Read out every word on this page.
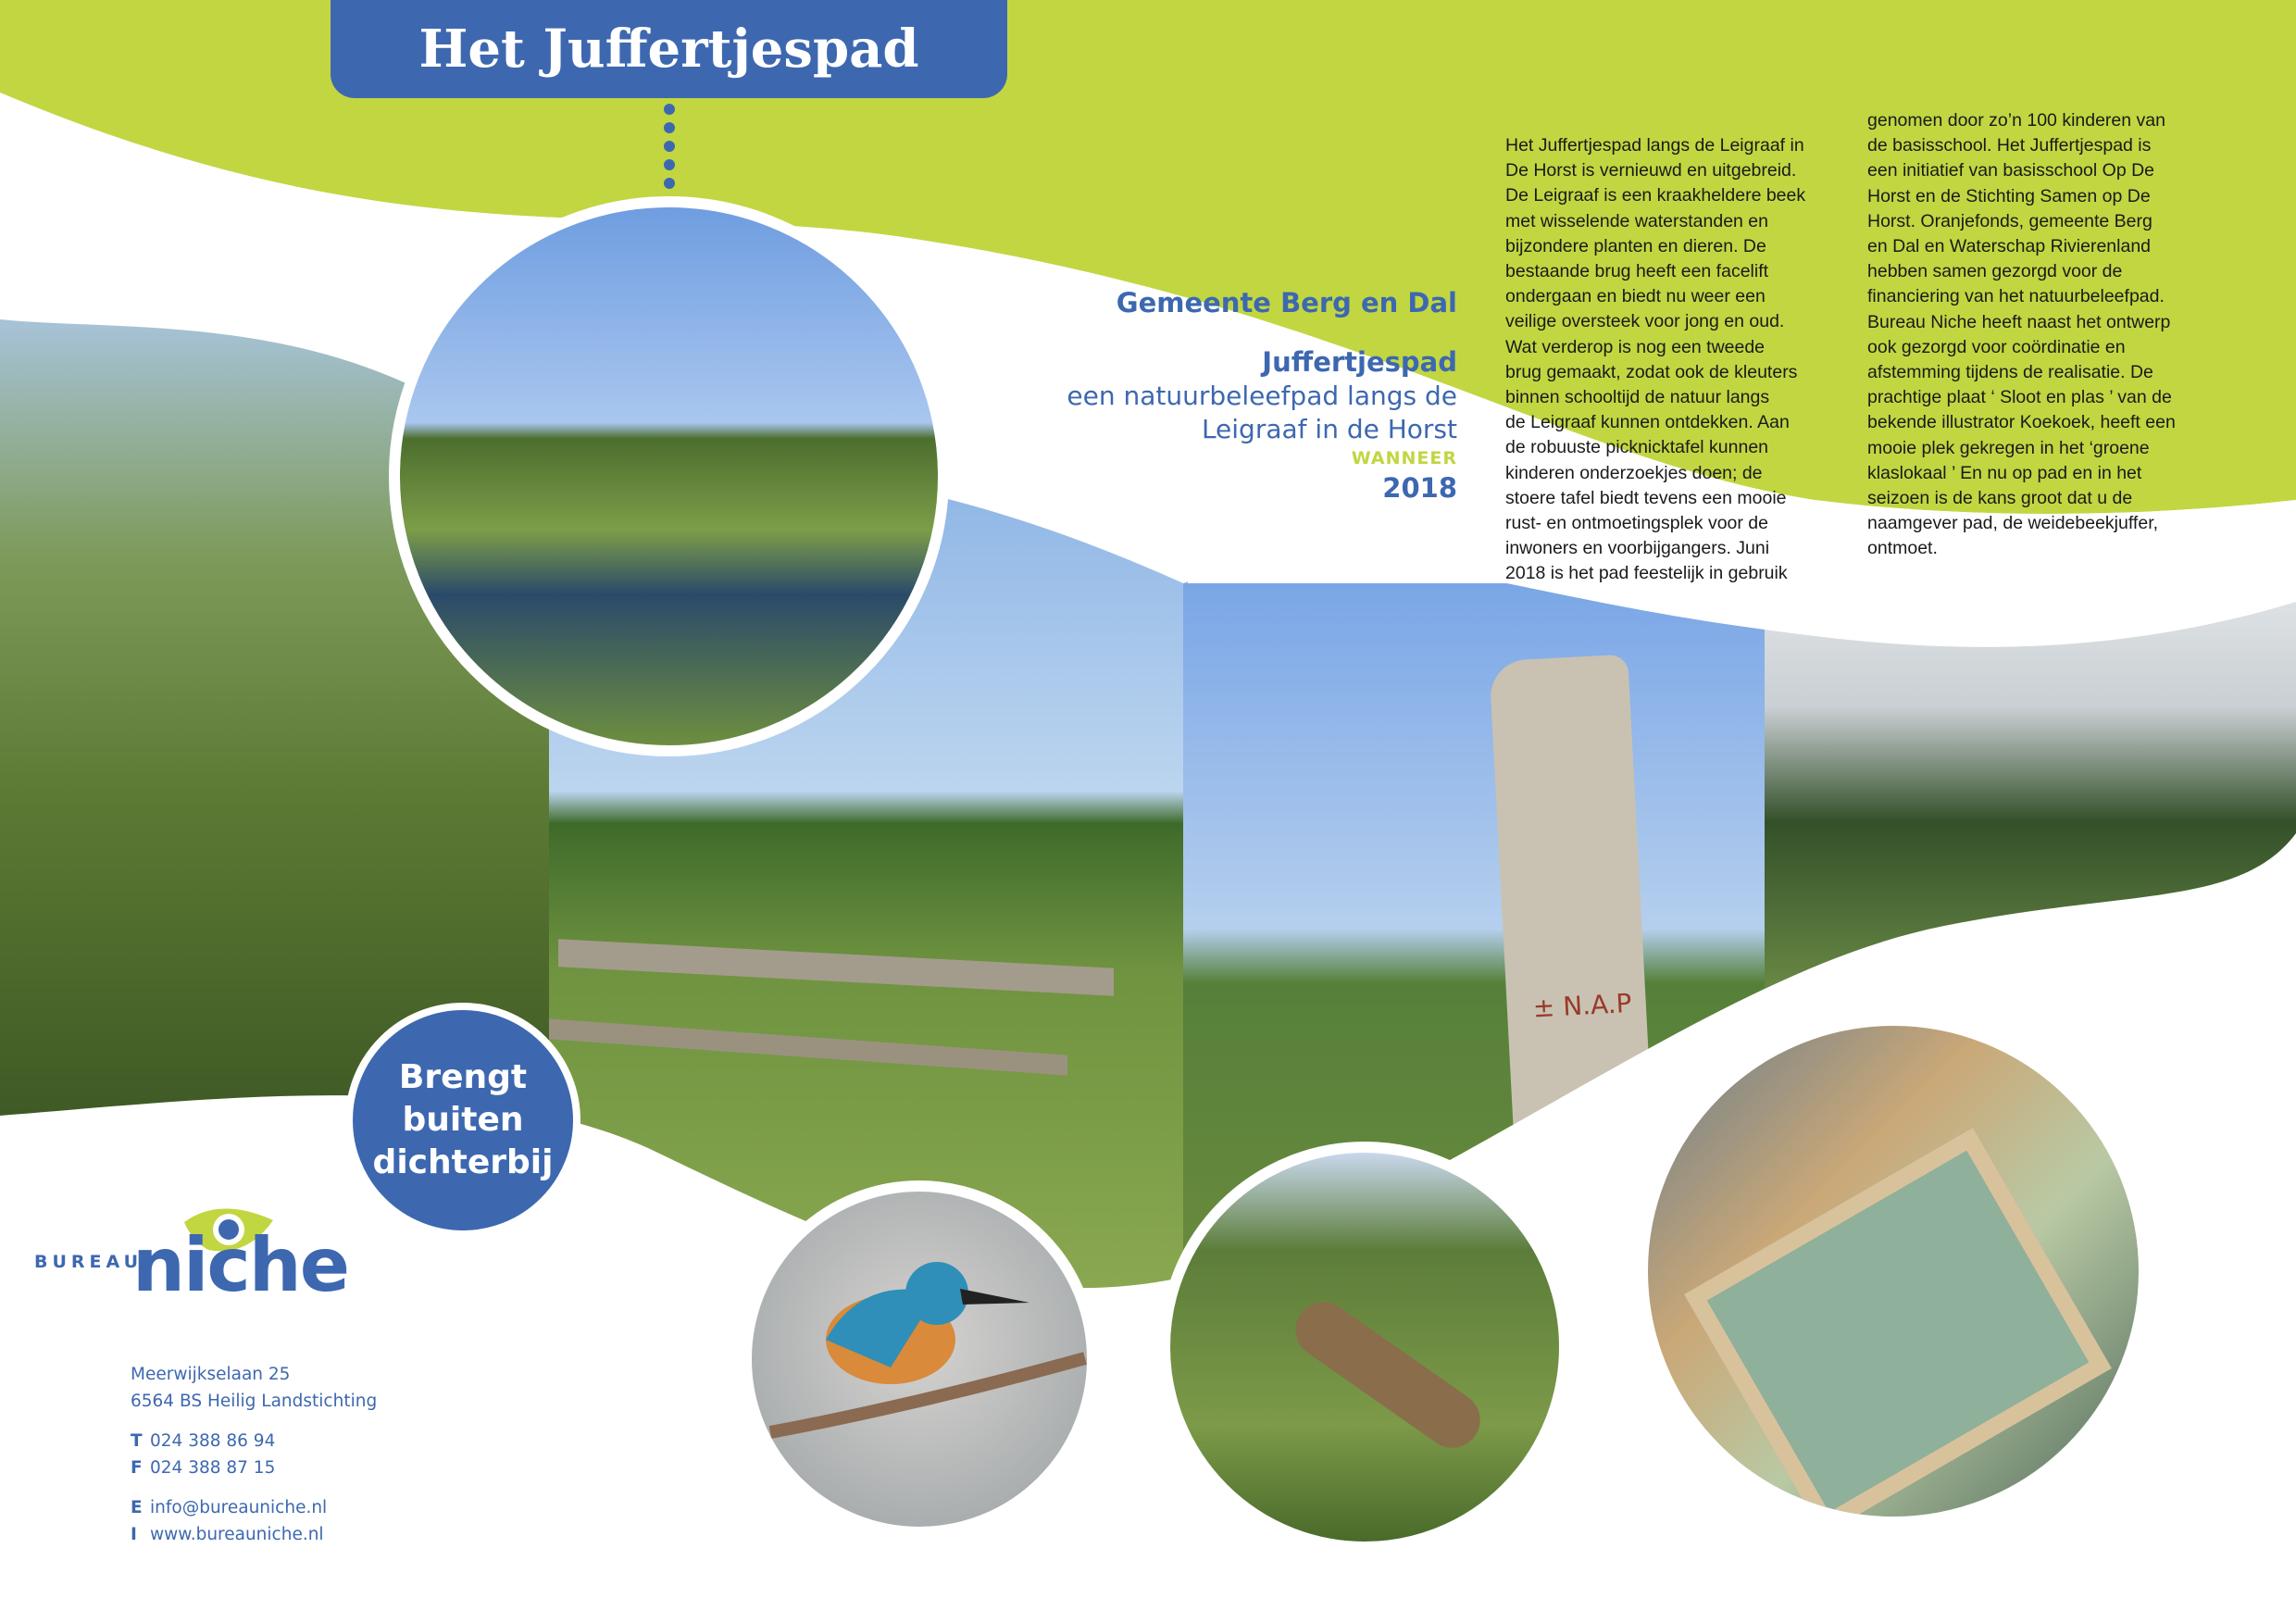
± N.A.P
Het Juffertjespad
OPDRACHTGEVER
Gemeente Berg en Dal
WAAR
Juffertjespad
een natuurbeleefpad langs de
Leigraaf in de Horst
WANNEER
2018
Het Juffertjespad langs de Leigraaf in
De Horst is vernieuwd en uitgebreid.
De Leigraaf is een kraakheldere beek
met wisselende waterstanden en
bijzondere planten en dieren. De
bestaande brug heeft een facelift
ondergaan en biedt nu weer een
veilige oversteek voor jong en oud.
Wat verderop is nog een tweede
brug gemaakt, zodat ook de kleuters
binnen schooltijd de natuur langs
de Leigraaf kunnen ontdekken. Aan
de robuuste picknicktafel kunnen
kinderen onderzoekjes doen; de
stoere tafel biedt tevens een mooie
rust- en ontmoetingsplek voor de
inwoners en voorbijgangers. Juni
2018 is het pad feestelijk in gebruik
genomen door zo’n 100 kinderen van
de basisschool. Het Juffertjespad is
een initiatief van basisschool Op De
Horst en de Stichting Samen op De
Horst. Oranjefonds, gemeente Berg
en Dal en Waterschap Rivierenland
hebben samen gezorgd voor de
financiering van het natuurbeleefpad.
Bureau Niche heeft naast het ontwerp
ook gezorgd voor coördinatie en
afstemming tijdens de realisatie. De
prachtige plaat ‘ Sloot en plas ’ van de
bekende illustrator Koekoek, heeft een
mooie plek gekregen in het ‘groene
klaslokaal ’ En nu op pad en in het
seizoen is de kans groot dat u de
naamgever pad, de weidebeekjuffer,
ontmoet.
Brengt
buiten
dichterbij
BUREAU
niche
Meerwijkselaan 25
6564 BS Heilig Landstichting
T 024 388 86 94
F 024 388 87 15
E info@bureauniche.nl
I www.bureauniche.nl
